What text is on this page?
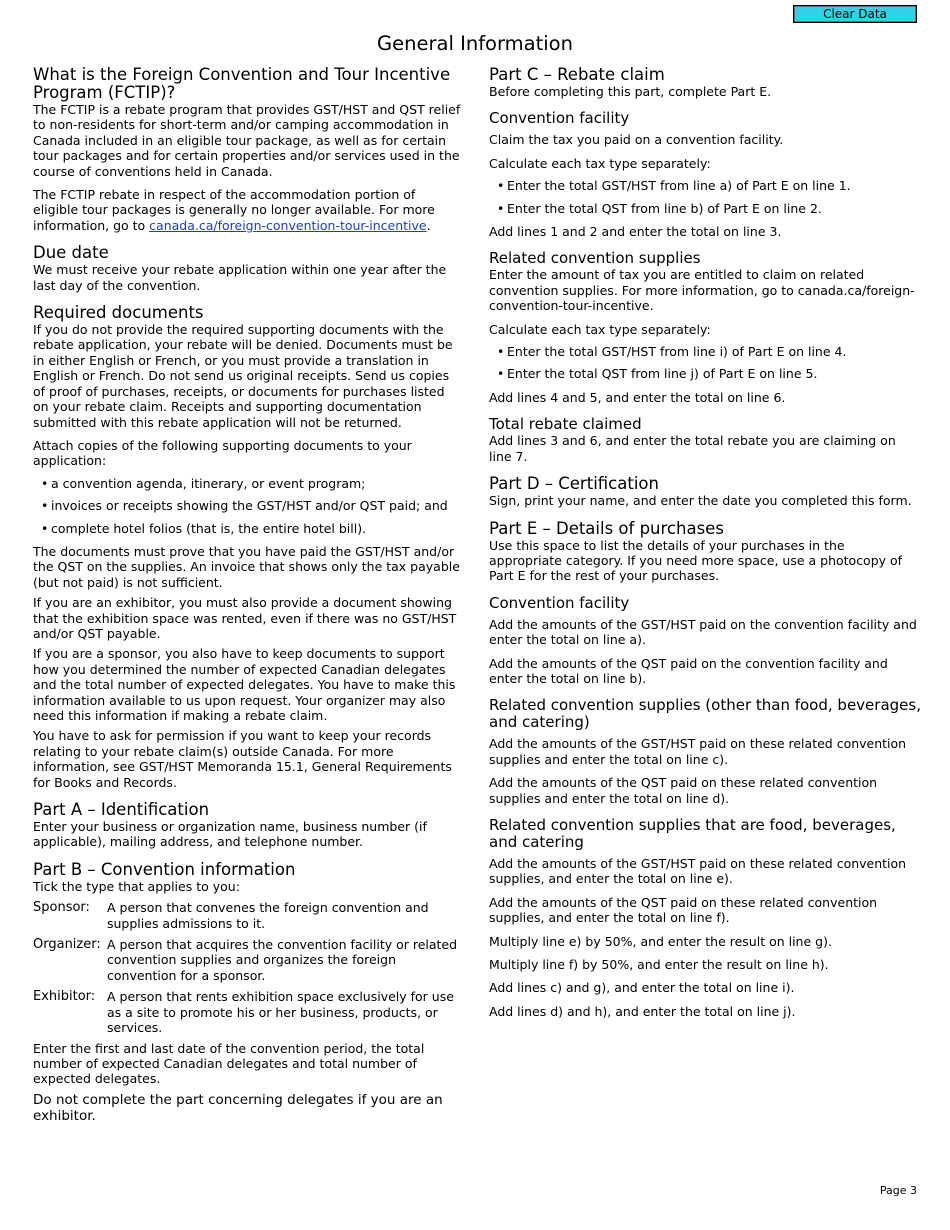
Clear Data
General Information
What is the Foreign Convention and Tour Incentive Program (FCTIP)?

The FCTIP is a rebate program that provides GST/HST and QST relief to non-residents for short-term and/or camping accommodation in Canada included in an eligible tour package, as well as for certain tour packages and for certain properties and/or services used in the course of conventions held in Canada.

The FCTIP rebate in respect of the accommodation portion of eligible tour packages is generally no longer available. For more information, go to canada.ca/foreign-convention-tour-incentive.

Due date

We must receive your rebate application within one year after the last day of the convention.

Required documents

If you do not provide the required supporting documents with the rebate application, your rebate will be denied. Documents must be in either English or French, or you must provide a translation in English or French. Do not send us original receipts. Send us copies of proof of purchases, receipts, or documents for purchases listed on your rebate claim. Receipts and supporting documentation submitted with this rebate application will not be returned.

Attach copies of the following supporting documents to your application:

• a convention agenda, itinerary, or event program;
• invoices or receipts showing the GST/HST and/or QST paid; and
• complete hotel folios (that is, the entire hotel bill).

The documents must prove that you have paid the GST/HST and/or the QST on the supplies. An invoice that shows only the tax payable (but not paid) is not sufficient.

If you are an exhibitor, you must also provide a document showing that the exhibition space was rented, even if there was no GST/HST and/or QST payable.

If you are a sponsor, you also have to keep documents to support how you determined the number of expected Canadian delegates and the total number of expected delegates. You have to make this information available to us upon request. Your organizer may also need this information if making a rebate claim.

You have to ask for permission if you want to keep your records relating to your rebate claim(s) outside Canada. For more information, see GST/HST Memoranda 15.1, General Requirements for Books and Records.

Part A – Identification

Enter your business or organization name, business number (if applicable), mailing address, and telephone number.

Part B – Convention information

Tick the type that applies to you:

Sponsor:	A person that convenes the foreign convention and supplies admissions to it.
Organizer: A person that acquires the convention facility or related convention supplies and organizes the foreign convention for a sponsor.
Exhibitor: A person that rents exhibition space exclusively for use as a site to promote his or her business, products, or services.

Enter the first and last date of the convention period, the total number of expected Canadian delegates and total number of expected delegates.

Do not complete the part concerning delegates if you are an exhibitor.

Part C – Rebate claim

Before completing this part, complete Part E.

Convention facility

Claim the tax you paid on a convention facility.

Calculate each tax type separately:

• Enter the total GST/HST from line a) of Part E on line 1.
• Enter the total QST from line b) of Part E on line 2.

Add lines 1 and 2 and enter the total on line 3.

Related convention supplies

Enter the amount of tax you are entitled to claim on related convention supplies. For more information, go to canada.ca/foreign-convention-tour-incentive.

Calculate each tax type separately:

• Enter the total GST/HST from line i) of Part E on line 4.
• Enter the total QST from line j) of Part E on line 5.

Add lines 4 and 5, and enter the total on line 6.

Total rebate claimed

Add lines 3 and 6, and enter the total rebate you are claiming on line 7.

Part D – Certification

Sign, print your name, and enter the date you completed this form.

Part E – Details of purchases

Use this space to list the details of your purchases in the appropriate category. If you need more space, use a photocopy of Part E for the rest of your purchases.

Convention facility

Add the amounts of the GST/HST paid on the convention facility and enter the total on line a).

Add the amounts of the QST paid on the convention facility and enter the total on line b).

Related convention supplies (other than food, beverages, and catering)

Add the amounts of the GST/HST paid on these related convention supplies and enter the total on line c).

Add the amounts of the QST paid on these related convention supplies and enter the total on line d).

Related convention supplies that are food, beverages, and catering

Add the amounts of the GST/HST paid on these related convention supplies, and enter the total on line e).

Add the amounts of the QST paid on these related convention supplies, and enter the total on line f).

Multiply line e) by 50%, and enter the result on line g).

Multiply line f) by 50%, and enter the result on line h).

Add lines c) and g), and enter the total on line i).

Add lines d) and h), and enter the total on line j).

Page 3
